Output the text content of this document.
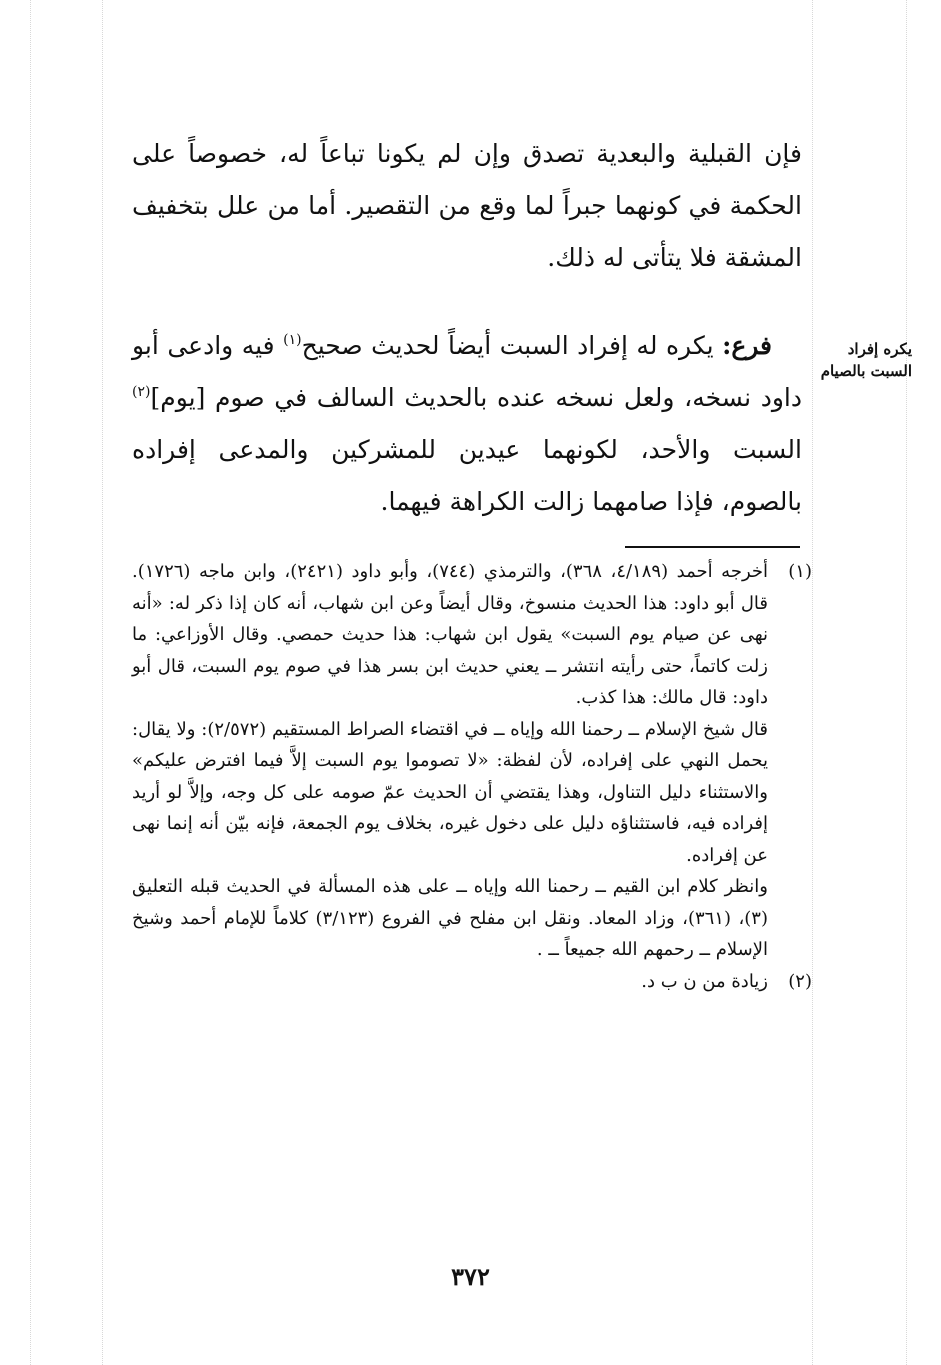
فإن القبلية والبعدية تصدق وإن لم يكونا تباعاً له، خصوصاً على الحكمة في كونهما جبراً لما وقع من التقصير. أما من علل بتخفيف المشقة فلا يتأتى له ذلك.

يكره إفراد السبت بالصيام

فرع: يكره له إفراد السبت أيضاً لحديث صحيح$^{(١)}$ فيه وادعى أبو داود نسخه، ولعل نسخه عنده بالحديث السالف في صوم [يوم]$^{(٢)}$ السبت والأحد، لكونهما عيدين للمشركين والمدعى إفراده بالصوم، فإذا صامهما زالت الكراهة فيهما.

(١)

أخرجه أحمد (٤/١٨٩، ٣٦٨)، والترمذي (٧٤٤)، وأبو داود (٢٤٢١)، وابن ماجه (١٧٢٦). قال أبو داود: هذا الحديث منسوخ، وقال أيضاً وعن ابن شهاب، أنه كان إذا ذكر له: «أنه نهى عن صيام يوم السبت» يقول ابن شهاب: هذا حديث حمصي. وقال الأوزاعي: ما زلت كاتماً، حتى رأيته انتشر ــ يعني حديث ابن بسر هذا في صوم يوم السبت، قال أبو داود: قال مالك: هذا كذب.

قال شيخ الإسلام ــ رحمنا الله وإياه ــ في اقتضاء الصراط المستقيم (٢/٥٧٢): ولا يقال: يحمل النهي على إفراده، لأن لفظة: «لا تصوموا يوم السبت إلاَّ فيما افترض عليكم» والاستثناء دليل التناول، وهذا يقتضي أن الحديث عمّ صومه على كل وجه، وإلاَّ لو أريد إفراده فيه، فاستثناؤه دليل على دخول غيره، بخلاف يوم الجمعة، فإنه بيّن أنه إنما نهى عن إفراده.

وانظر كلام ابن القيم ــ رحمنا الله وإياه ــ على هذه المسألة في الحديث قبله التعليق (٣)، (٣٦١)، وزاد المعاد. ونقل ابن مفلح في الفروع (٣/١٢٣) كلاماً للإمام أحمد وشيخ الإسلام ــ رحمهم الله جميعاً ــ .

(٢)

زيادة من ن ب د.

٣٧٢
